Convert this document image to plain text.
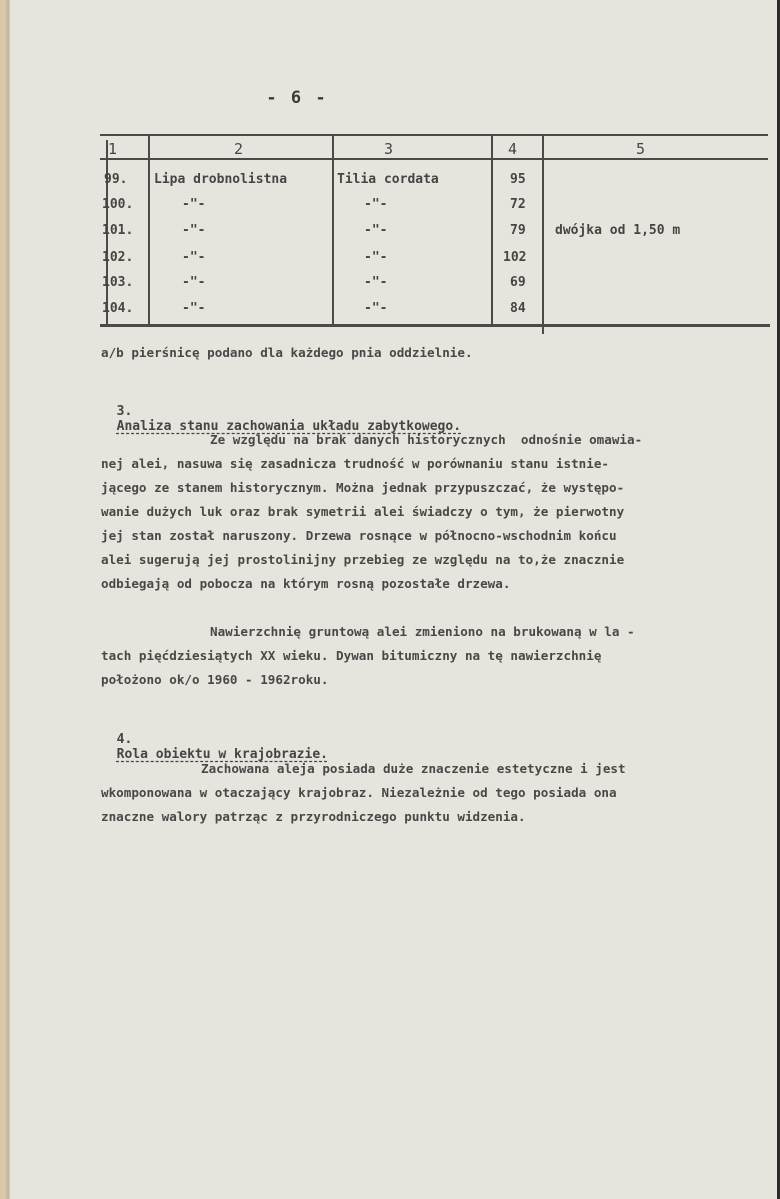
- 6 -
1	2	3	4	5
99. Lipa drobnolistna	Tilia cordata	95
100.	-"-	-"-	72
101.	-"-	-"-	79 dwójka od 1,50 m
102.	-"-	-"-	102
103.	-"-	-"-	69
104.	-"-	-"-	84
a/b pierśnicę podano dla każdego pnia oddzielnie.

3.
Analiza stanu zachowania układu zabytkowego.

Ze względu na brak danych historycznych  odnośnie omawia-
nej alei, nasuwa się zasadnicza trudność w porównaniu stanu istnie-
jącego ze stanem historycznym. Można jednak przypuszczać, że występo-
wanie dużych luk oraz brak symetrii alei świadczy o tym, że pierwotny
jej stan został naruszony. Drzewa rosnące w północno-wschodnim końcu
alei sugerują jej prostolinijny przebieg ze względu na to,że znacznie
odbiegają od pobocza na którym rosną pozostałe drzewa.
Nawierzchnię gruntową alei zmieniono na brukowaną w la -
tach pięćdziesiątych XX wieku. Dywan bitumiczny na tę nawierzchnię
położono ok/o 1960 - 1962roku.

4.
Rola obiektu w krajobrazie.

Zachowana aleja posiada duże znaczenie estetyczne i jest
wkomponowana w otaczający krajobraz. Niezależnie od tego posiada ona
znaczne walory patrząc z przyrodniczego punktu widzenia.
